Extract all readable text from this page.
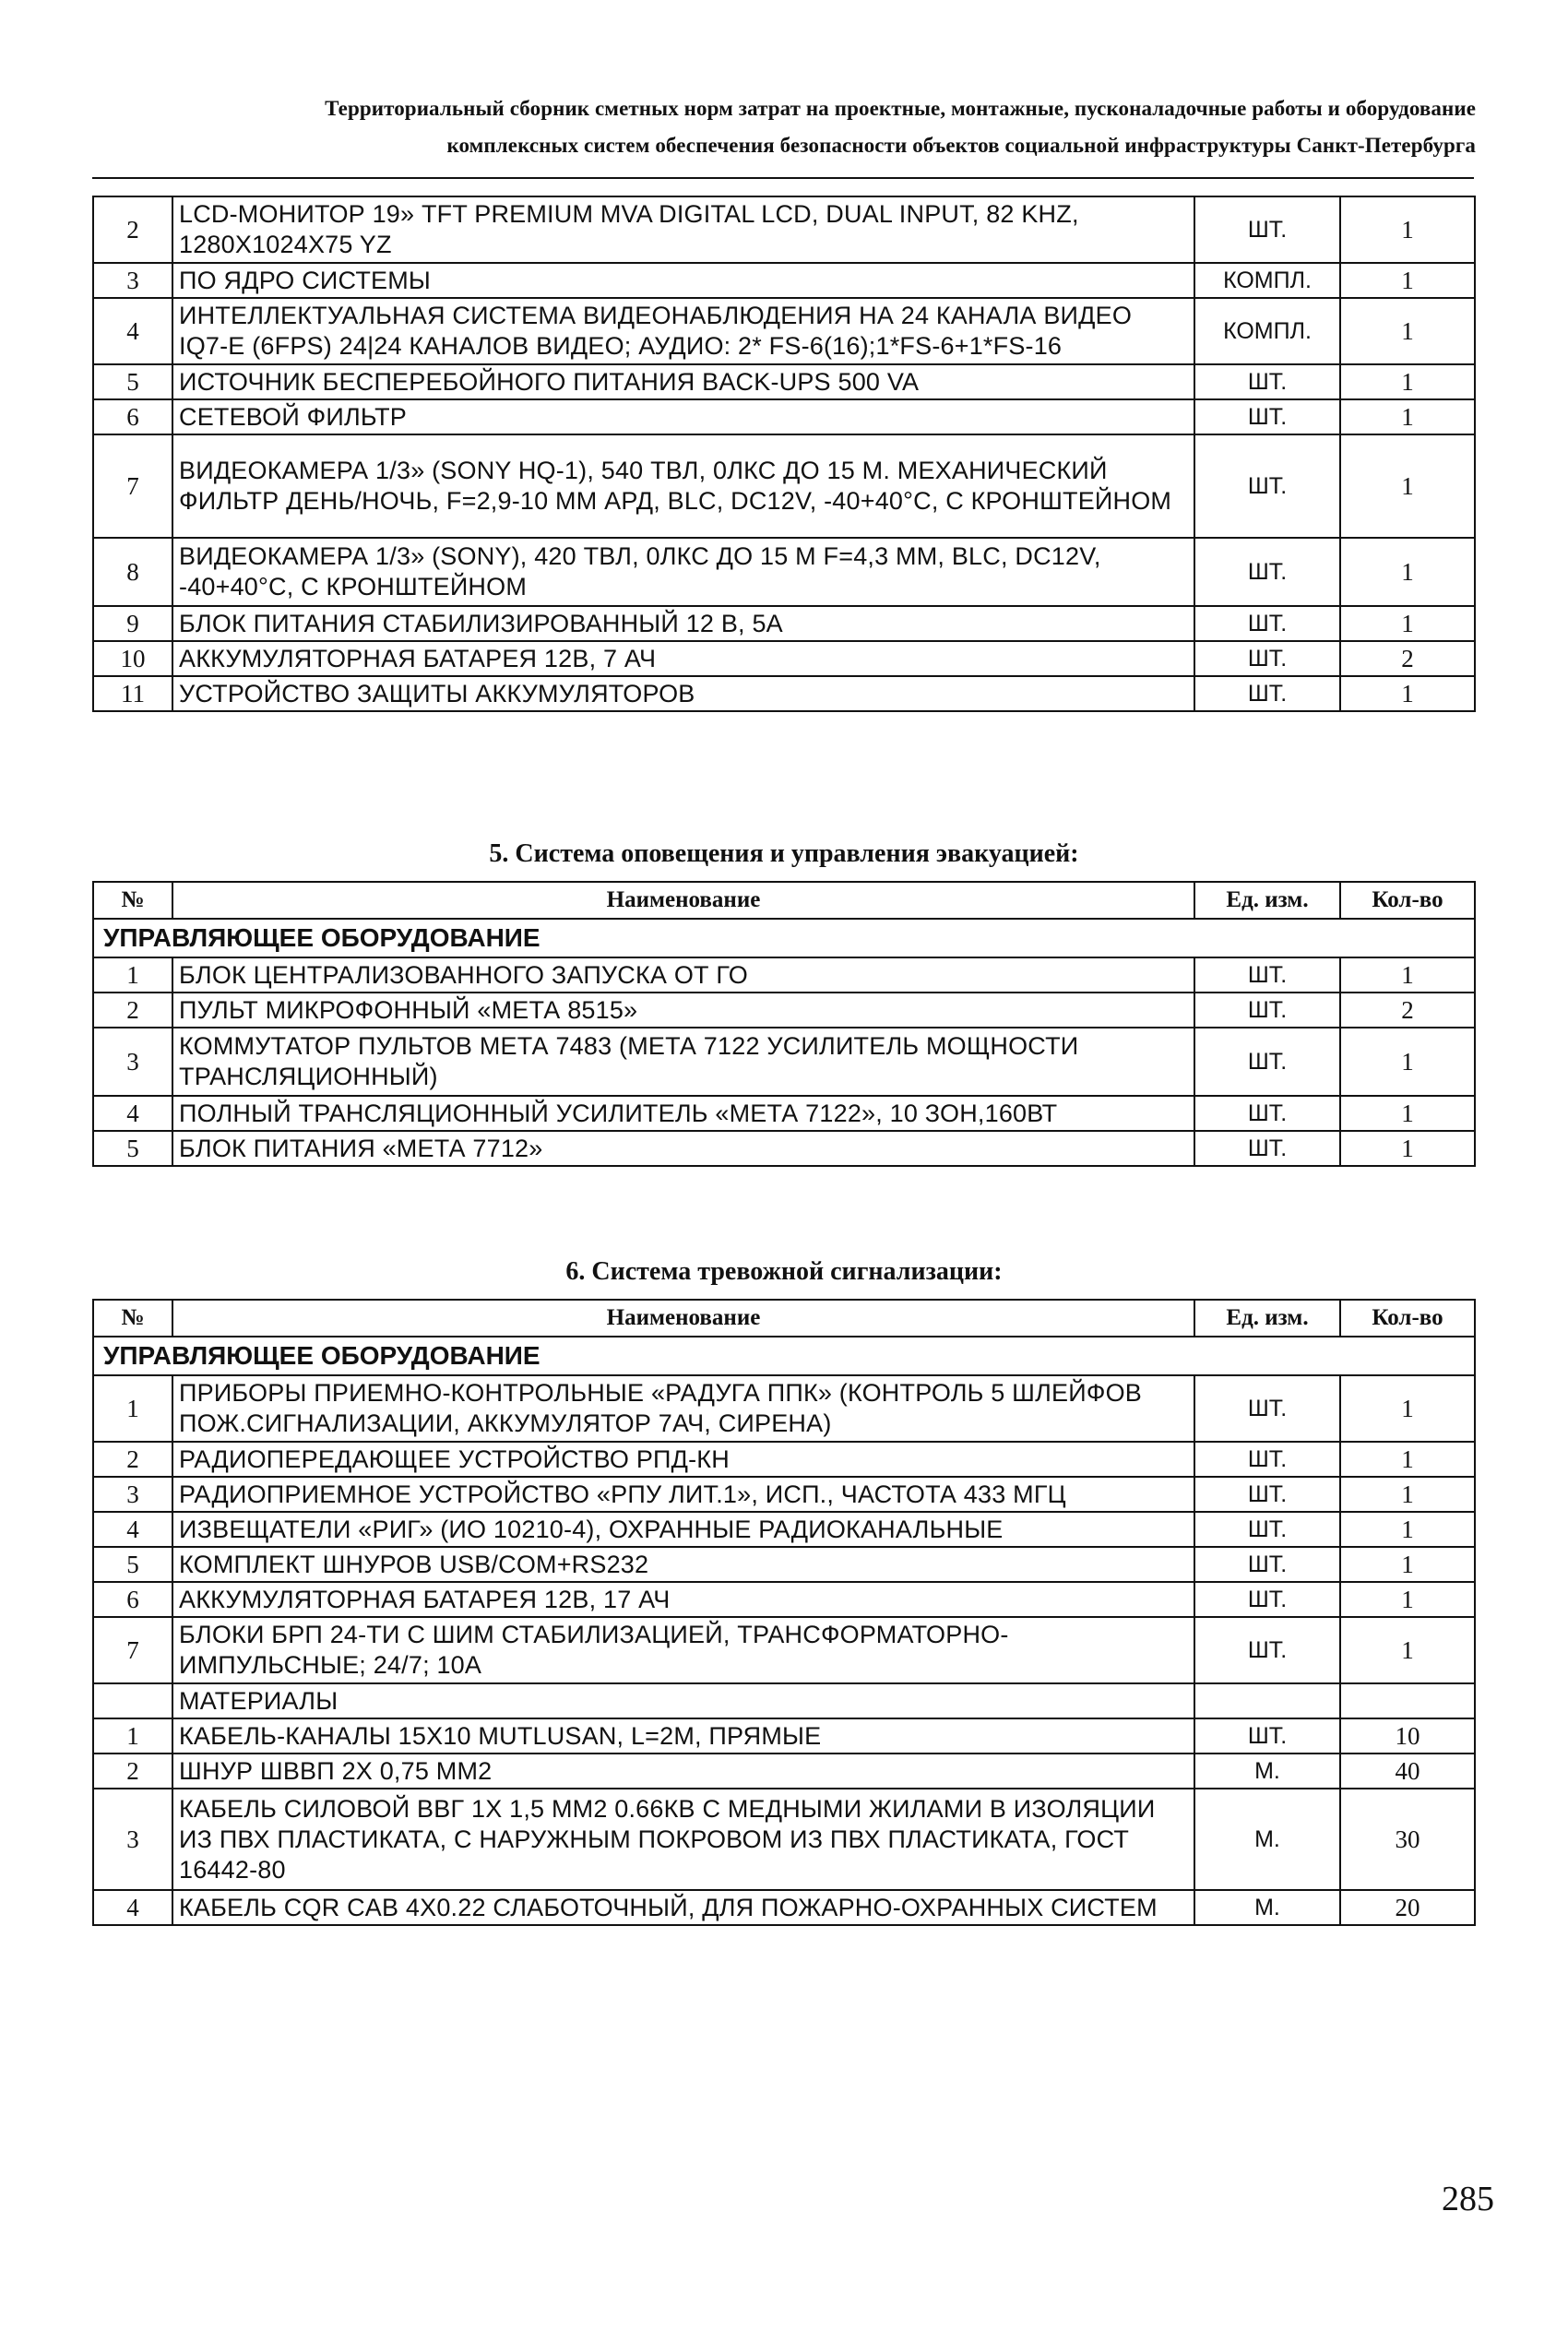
Территориальный сборник сметных норм затрат на проектные, монтажные, пусконаладочные работы и оборудование
комплексных систем обеспечения безопасности объектов социальной инфраструктуры Санкт-Петербурга
2	LCD-МОНИТОР 19» TFT PREMIUM MVA DIGITAL LCD, DUAL INPUT, 82 KHZ, 1280X1024X75 YZ	ШТ.	1
3	ПО ЯДРО СИСТЕМЫ	КОМПЛ.	1
4	ИНТЕЛЛЕКТУАЛЬНАЯ СИСТЕМА ВИДЕОНАБЛЮДЕНИЯ НА 24 КАНАЛА ВИДЕО IQ7-E (6FPS) 24|24 КАНАЛОВ ВИДЕО; АУДИО: 2* FS-6(16);1*FS-6+1*FS-16	КОМПЛ.	1
5	ИСТОЧНИК БЕСПЕРЕБОЙНОГО ПИТАНИЯ BACK-UPS 500 VA	ШТ.	1
6	СЕТЕВОЙ ФИЛЬТР	ШТ.	1
7	ВИДЕОКАМЕРА 1/3» (SONY HQ-1), 540 ТВЛ, 0ЛКС ДО 15 М. МЕХАНИЧЕСКИЙ ФИЛЬТР ДЕНЬ/НОЧЬ, F=2,9-10 ММ АРД, BLC, DC12V, -40+40°C, С КРОНШТЕЙНОМ	ШТ.	1
8	ВИДЕОКАМЕРА 1/3» (SONY), 420 ТВЛ, 0ЛКС ДО 15 М F=4,3 ММ, BLC, DC12V, -40+40°C, С КРОНШТЕЙНОМ	ШТ.	1
9	БЛОК ПИТАНИЯ СТАБИЛИЗИРОВАННЫЙ 12 В, 5А	ШТ.	1
10	АККУМУЛЯТОРНАЯ БАТАРЕЯ 12В, 7 АЧ	ШТ.	2
11	УСТРОЙСТВО ЗАЩИТЫ АККУМУЛЯТОРОВ	ШТ.	1
5. Система оповещения и управления эвакуацией:
№	Наименование	Ед. изм.	Кол-во
УПРАВЛЯЮЩЕЕ ОБОРУДОВАНИЕ			
1	БЛОК ЦЕНТРАЛИЗОВАННОГО ЗАПУСКА ОТ ГО	ШТ.	1
2	ПУЛЬТ МИКРОФОННЫЙ «МЕТА 8515»	ШТ.	2
3	КОММУТАТОР ПУЛЬТОВ МЕТА 7483 (МЕТА 7122 УСИЛИТЕЛЬ МОЩНОСТИ ТРАНСЛЯЦИОННЫЙ)	ШТ.	1
4	ПОЛНЫЙ ТРАНСЛЯЦИОННЫЙ УСИЛИТЕЛЬ «МЕТА 7122», 10 ЗОН,160ВТ	ШТ.	1
5	БЛОК ПИТАНИЯ «МЕТА 7712»	ШТ.	1
6. Система тревожной сигнализации:
№	Наименование	Ед. изм.	Кол-во
УПРАВЛЯЮЩЕЕ ОБОРУДОВАНИЕ			
1	ПРИБОРЫ ПРИЕМНО-КОНТРОЛЬНЫЕ «РАДУГА ППК» (КОНТРОЛЬ 5 ШЛЕЙФОВ ПОЖ.СИГНАЛИЗАЦИИ, АККУМУЛЯТОР 7АЧ, СИРЕНА)	ШТ.	1
2	РАДИОПЕРЕДАЮЩЕЕ УСТРОЙСТВО РПД-КН	ШТ.	1
3	РАДИОПРИЕМНОЕ УСТРОЙСТВО «РПУ ЛИТ.1», ИСП., ЧАСТОТА 433 МГЦ	ШТ.	1
4	ИЗВЕЩАТЕЛИ «РИГ» (ИО 10210-4), ОХРАННЫЕ РАДИОКАНАЛЬНЫЕ	ШТ.	1
5	КОМПЛЕКТ ШНУРОВ USB/COM+RS232	ШТ.	1
6	АККУМУЛЯТОРНАЯ БАТАРЕЯ 12В, 17 АЧ	ШТ.	1
7	БЛОКИ БРП 24-ТИ С ШИМ СТАБИЛИЗАЦИЕЙ, ТРАНСФОРМАТОРНО-ИМПУЛЬСНЫЕ; 24/7; 10А	ШТ.	1
	МАТЕРИАЛЫ		
1	КАБЕЛЬ-КАНАЛЫ 15X10 MUTLUSAN, L=2M, ПРЯМЫЕ	ШТ.	10
2	ШНУР ШВВП 2Х 0,75 ММ2	М.	40
3	КАБЕЛЬ СИЛОВОЙ ВВГ 1Х 1,5 ММ2 0.66КВ С МЕДНЫМИ ЖИЛАМИ В ИЗОЛЯЦИИ ИЗ ПВХ ПЛАСТИКАТА, С НАРУЖНЫМ ПОКРОВОМ ИЗ ПВХ ПЛАСТИКАТА, ГОСТ 16442-80	М.	30
4	КАБЕЛЬ CQR CAB 4X0.22 СЛАБОТОЧНЫЙ, ДЛЯ ПОЖАРНО-ОХРАННЫХ СИСТЕМ	М.	20
285
